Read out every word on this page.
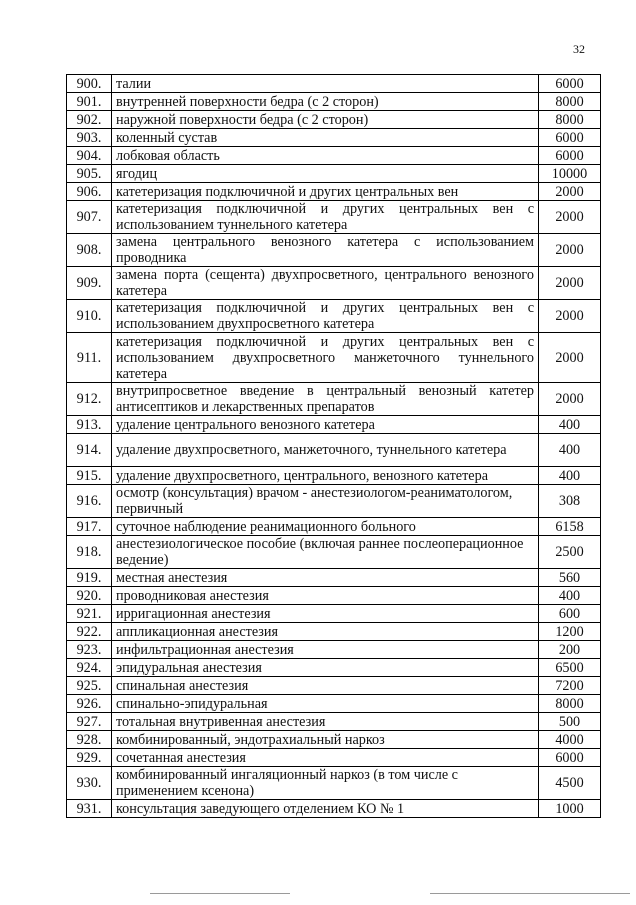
32
900.	талии	6000
901.	внутренней поверхности бедра (с 2 сторон)	8000
902.	наружной поверхности бедра (с 2 сторон)	8000
903.	коленный сустав	6000
904.	лобковая область	6000
905.	ягодиц	10000
906.	катетеризация подключичной и других центральных вен	2000
907.	катетеризация подключичной и других центральных вен с использованием туннельного катетера	2000
908.	замена центрального венозного катетера с использованием проводника	2000
909.	замена порта (сещента) двухпросветного, центрального венозного катетера	2000
910.	катетеризация подключичной и других центральных вен с использованием двухпросветного катетера	2000
911.	катетеризация подключичной и других центральных вен с использованием двухпросветного манжеточного туннельного катетера	2000
912.	внутрипросветное введение в центральный венозный катетер антисептиков и лекарственных препаратов	2000
913.	удаление центрального венозного катетера	400
914.	удаление двухпросветного, манжеточного, туннельного катетера	400
915.	удаление двухпросветного, центрального, венозного катетера	400
916.	осмотр (консультация) врачом - анестезиологом-реаниматологом, первичный	308
917.	суточное наблюдение реанимационного больного	6158
918.	анестезиологическое пособие (включая раннее послеоперационное ведение)	2500
919.	местная анестезия	560
920.	проводниковая анестезия	400
921.	ирригационная анестезия	600
922.	аппликационная анестезия	1200
923.	инфильтрационная анестезия	200
924.	эпидуральная анестезия	6500
925.	спинальная анестезия	7200
926.	спинально-эпидуральная	8000
927.	тотальная внутривенная анестезия	500
928.	комбинированный, эндотрахиальный наркоз	4000
929.	сочетанная анестезия	6000
930.	комбинированный ингаляционный наркоз (в том числе с применением ксенона)	4500
931.	консультация заведующего отделением КО № 1	1000
